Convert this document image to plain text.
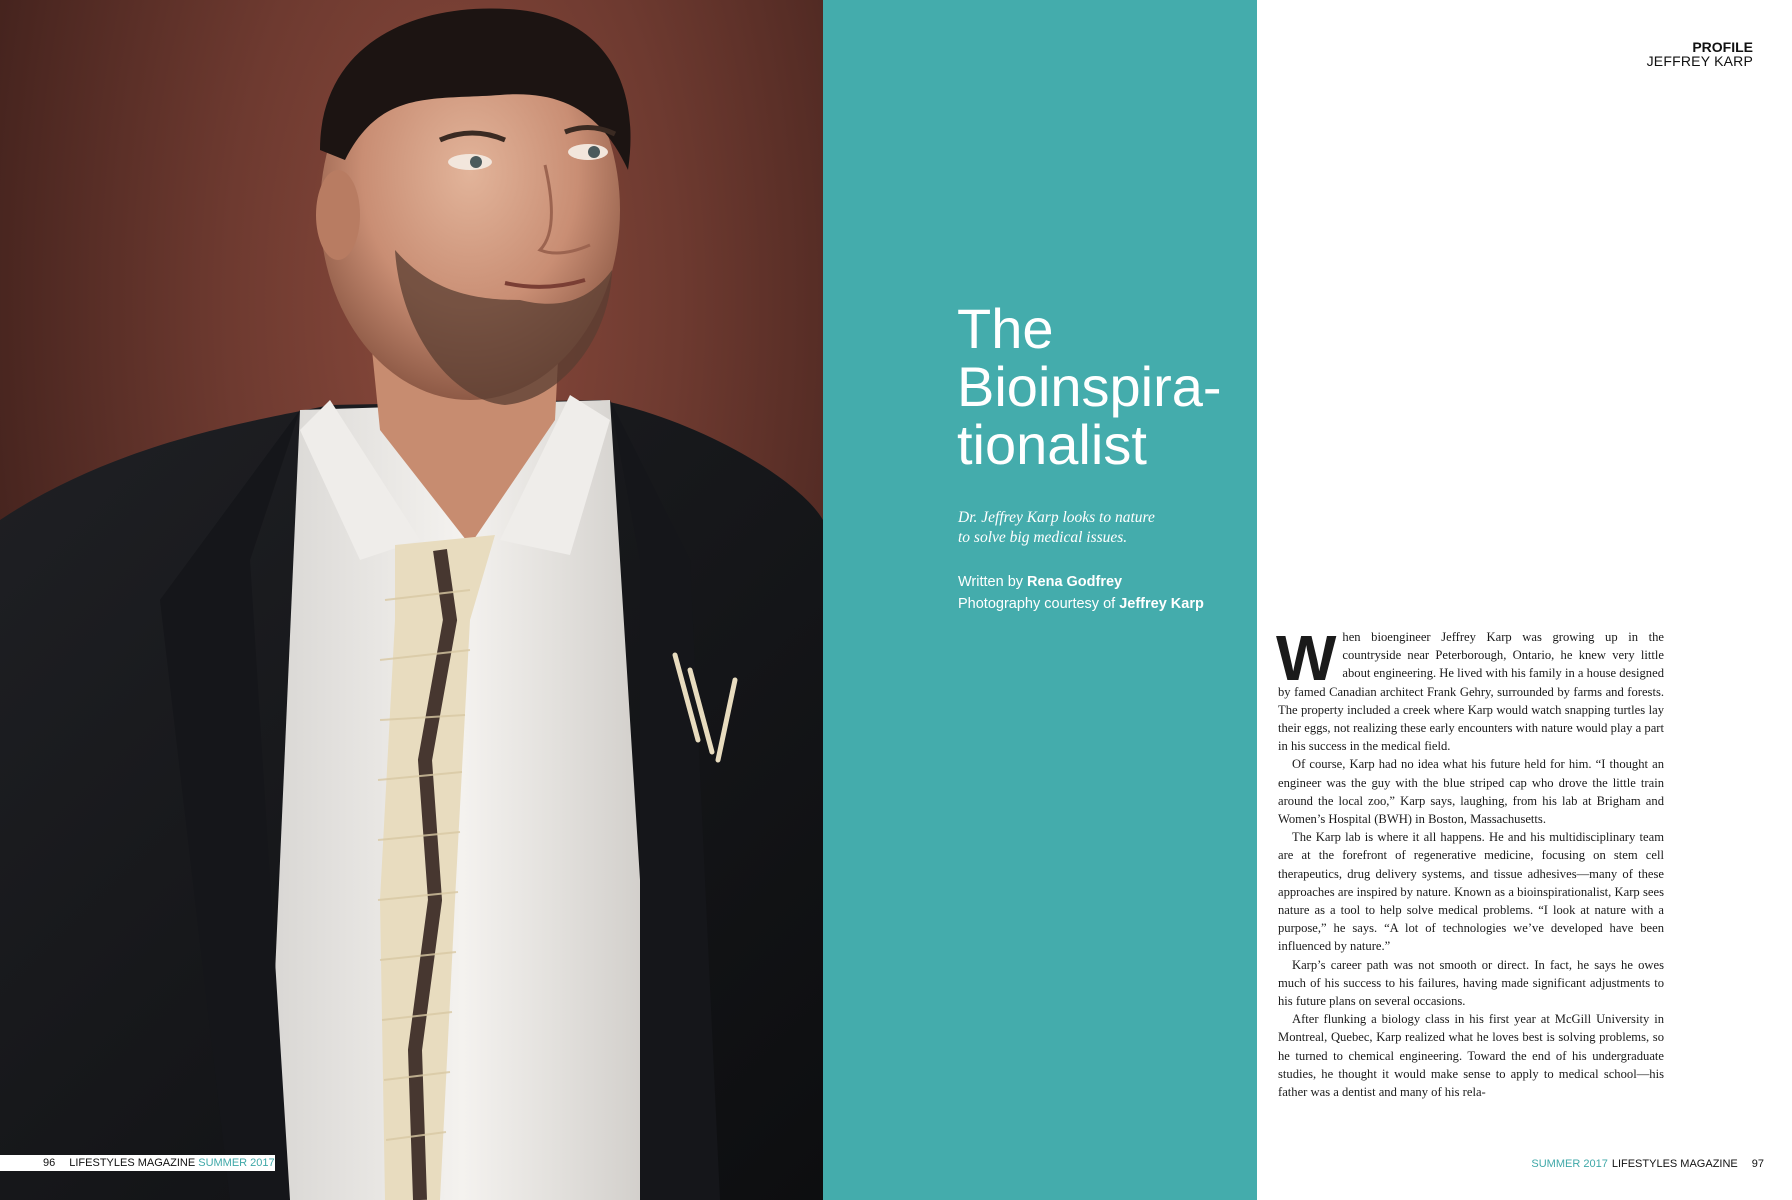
96 LIFESTYLES MAGAZINE SUMMER 2017
The
Bioinspira-
tionalist
Dr. Jeffrey Karp looks to nature
to solve big medical issues.
Written by Rena Godfrey
Photography courtesy of Jeffrey Karp
PROFILE
JEFFREY KARP

When bioengineer Jeffrey Karp was growing up in the countryside near Peterborough, Ontario, he knew very little about engineering. He lived with his family in a house designed by famed Canadian architect Frank Gehry, surrounded by farms and forests. The property included a creek where Karp would watch snapping turtles lay their eggs, not realizing these early encounters with nature would play a part in his success in the medical field.

Of course, Karp had no idea what his future held for him. “I thought an engineer was the guy with the blue striped cap who drove the little train around the local zoo,” Karp says, laughing, from his lab at Brigham and Women’s Hospital (BWH) in Boston, Massachusetts.

The Karp lab is where it all happens. He and his multidisciplinary team are at the forefront of regenerative medicine, focusing on stem cell therapeutics, drug delivery systems, and tissue adhesives—many of these approaches are inspired by nature. Known as a bioinspirationalist, Karp sees nature as a tool to help solve medical problems. “I look at nature with a purpose,” he says. “A lot of technologies we’ve developed have been influenced by nature.”

Karp’s career path was not smooth or direct. In fact, he says he owes much of his success to his failures, having made significant adjustments to his future plans on several occasions.

After flunking a biology class in his first year at McGill University in Montreal, Quebec, Karp realized what he loves best is solving problems, so he turned to chemical engineering. Toward the end of his undergraduate studies, he thought it would make sense to apply to medical school—his father was a dentist and many of his rela-

SUMMER 2017 LIFESTYLES MAGAZINE 97
